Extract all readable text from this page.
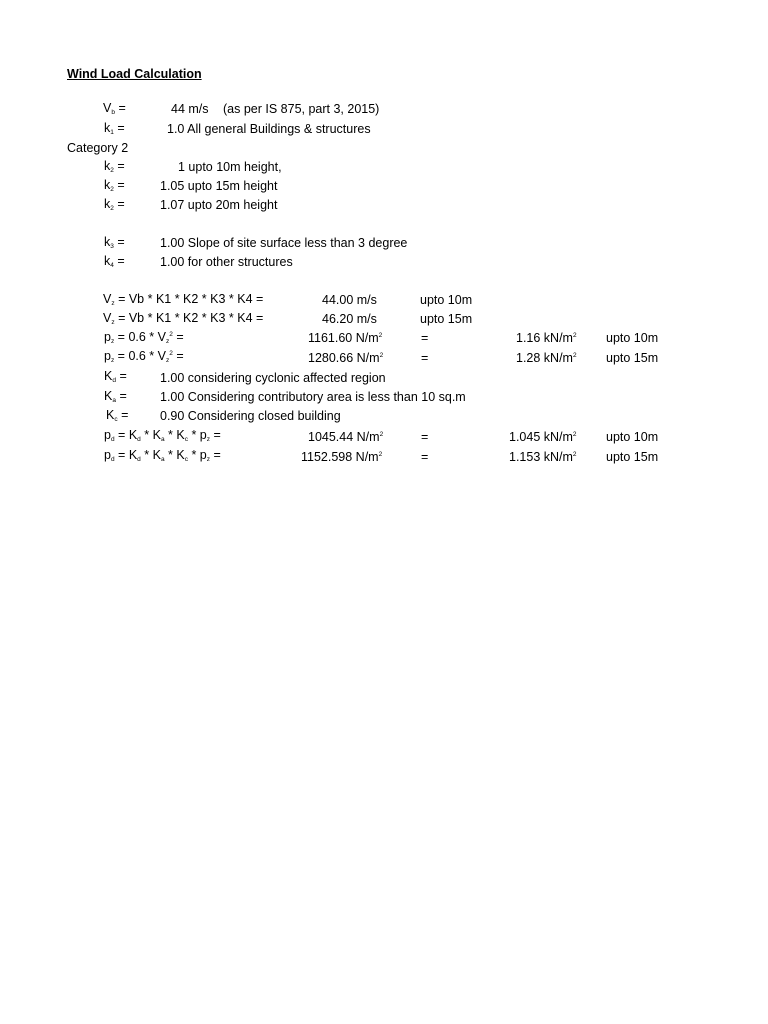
Wind Load Calculation
$V_b$ =	44 m/s (as per IS 875, part 3, 2015)
$k_1$ =	1.0 All general Buildings & structures
Category 2
$k_2$ =	1 upto 10m height,
$k_2$ =	1.05 upto 15m height
$k_2$ =	1.07 upto 20m height
$k_3$ =	1.00 Slope of site surface less than 3 degree
$k_4$ =	1.00 for other structures
$V_z = Vb * K1 * K2 * K3 * K4$ =	44.00 m/s	upto 10m
$V_z = Vb * K1 * K2 * K3 * K4$ =	46.20 m/s	upto 15m
$p_z = 0.6 * V_z^2$ =	1161.60 $N/m^2$	=	1.16 $kN/m^2$ upto 10m
$p_z = 0.6 * V_z^2$ =	1280.66 $N/m^2$	=	1.28 $kN/m^2$ upto 15m
$K_d$ =	1.00 considering cyclonic affected region
$K_a$ =	1.00 Considering contributory area is less than 10 sq.m
$K_c$ =	0.90 Considering closed building
$p_d = K_d * K_a * K_c * p_z$ =	1045.44 $N/m^2$	=	1.045 $kN/m^2$ upto 10m
$p_d = K_d * K_a * K_c * p_z$ =	1152.598 $N/m^2$	=	1.153 $kN/m^2$ upto 15m
